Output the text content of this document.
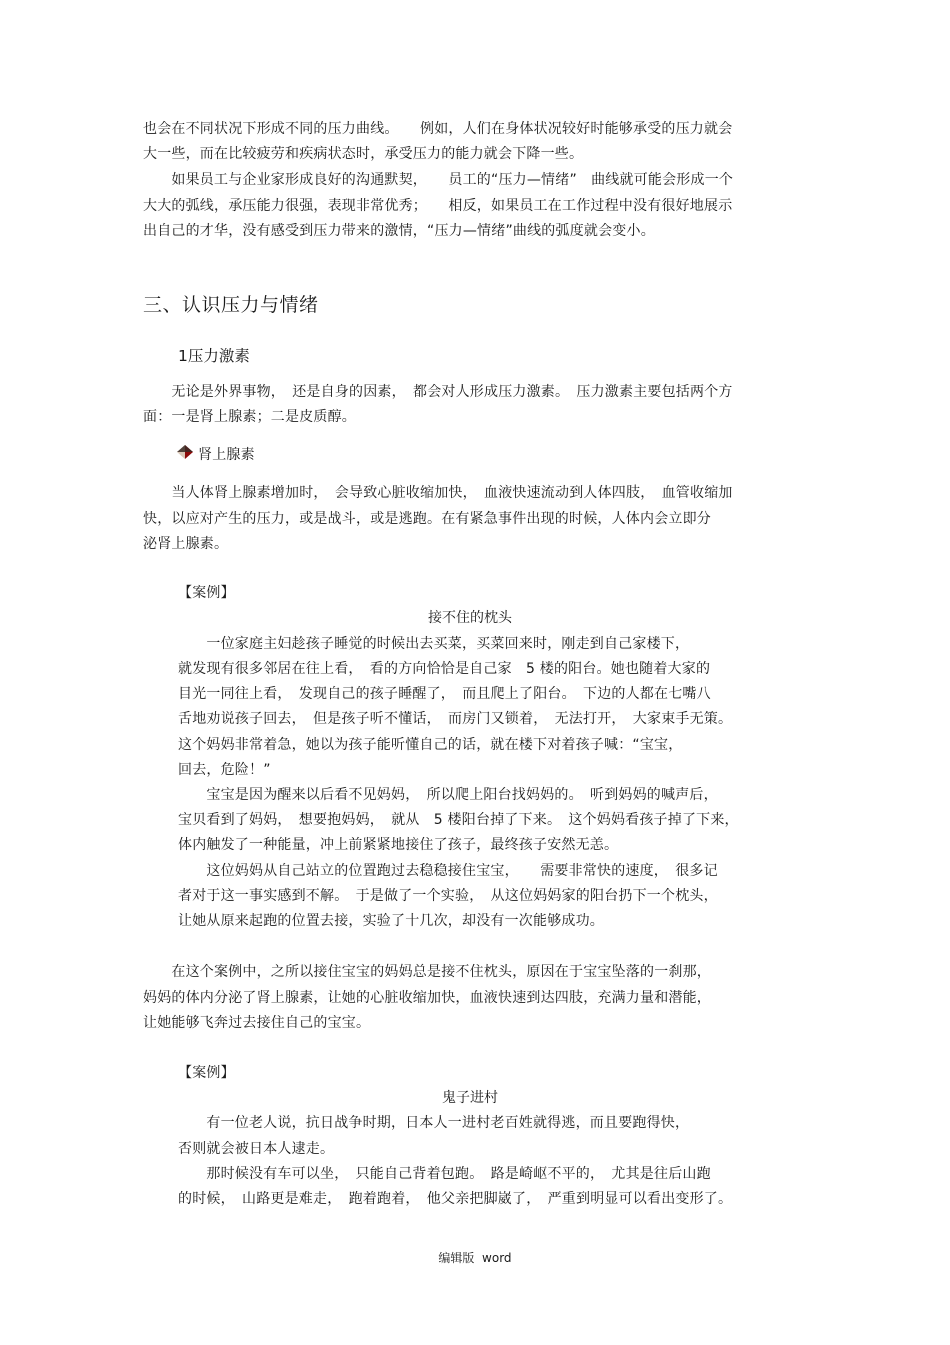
也会在不同状况下形成不同的压力曲线。　　例如，人们在身体状况较好时能够承受的压力就会
大一些，而在比较疲劳和疾病状态时，承受压力的能力就会下降一些。
　　如果员工与企业家形成良好的沟通默契，　　员工的“压力—情绪”　曲线就可能会形成一个
大大的弧线，承压能力很强，表现非常优秀；　　相反，如果员工在工作过程中没有很好地展示
出自己的才华，没有感受到压力带来的激情，“压力—情绪”曲线的弧度就会变小。
三、认识压力与情绪
1压力激素
　　无论是外界事物，　还是自身的因素，　都会对人形成压力激素。　压力激素主要包括两个方
面：一是肾上腺素；二是皮质醇。
肾上腺素
　　当人体肾上腺素增加时，　会导致心脏收缩加快，　血液快速流动到人体四肢，　血管收缩加
快，以应对产生的压力，或是战斗，或是逃跑。在有紧急事件出现的时候，人体内会立即分
泌肾上腺素。
【案例】
接不住的枕头
　　一位家庭主妇趁孩子睡觉的时候出去买菜，买菜回来时，刚走到自己家楼下，
就发现有很多邻居在往上看，　看的方向恰恰是自己家　5 楼的阳台。她也随着大家的
目光一同往上看，　发现自己的孩子睡醒了，　而且爬上了阳台。　下边的人都在七嘴八
舌地劝说孩子回去，　但是孩子听不懂话，　而房门又锁着，　无法打开，　大家束手无策。
这个妈妈非常着急，她以为孩子能听懂自己的话，就在楼下对着孩子喊：“宝宝，
回去，危险！”
　　宝宝是因为醒来以后看不见妈妈，　所以爬上阳台找妈妈的。　听到妈妈的喊声后，
宝贝看到了妈妈，　想要抱妈妈，　就从　5 楼阳台掉了下来。　这个妈妈看孩子掉了下来，
体内触发了一种能量，冲上前紧紧地接住了孩子，最终孩子安然无恙。
　　这位妈妈从自己站立的位置跑过去稳稳接住宝宝，　　需要非常快的速度，　很多记
者对于这一事实感到不解。　于是做了一个实验，　从这位妈妈家的阳台扔下一个枕头，
让她从原来起跑的位置去接，实验了十几次，却没有一次能够成功。
　　在这个案例中，之所以接住宝宝的妈妈总是接不住枕头，原因在于宝宝坠落的一刹那，
妈妈的体内分泌了肾上腺素，让她的心脏收缩加快，血液快速到达四肢，充满力量和潜能，
让她能够飞奔过去接住自己的宝宝。
【案例】
鬼子进村
　　有一位老人说，抗日战争时期，日本人一进村老百姓就得逃，而且要跑得快，
否则就会被日本人逮走。
　　那时候没有车可以坐，　只能自己背着包跑。　路是崎岖不平的，　尤其是往后山跑
的时候，　山路更是难走，　跑着跑着，　他父亲把脚崴了，　严重到明显可以看出变形了。
编辑版  word
